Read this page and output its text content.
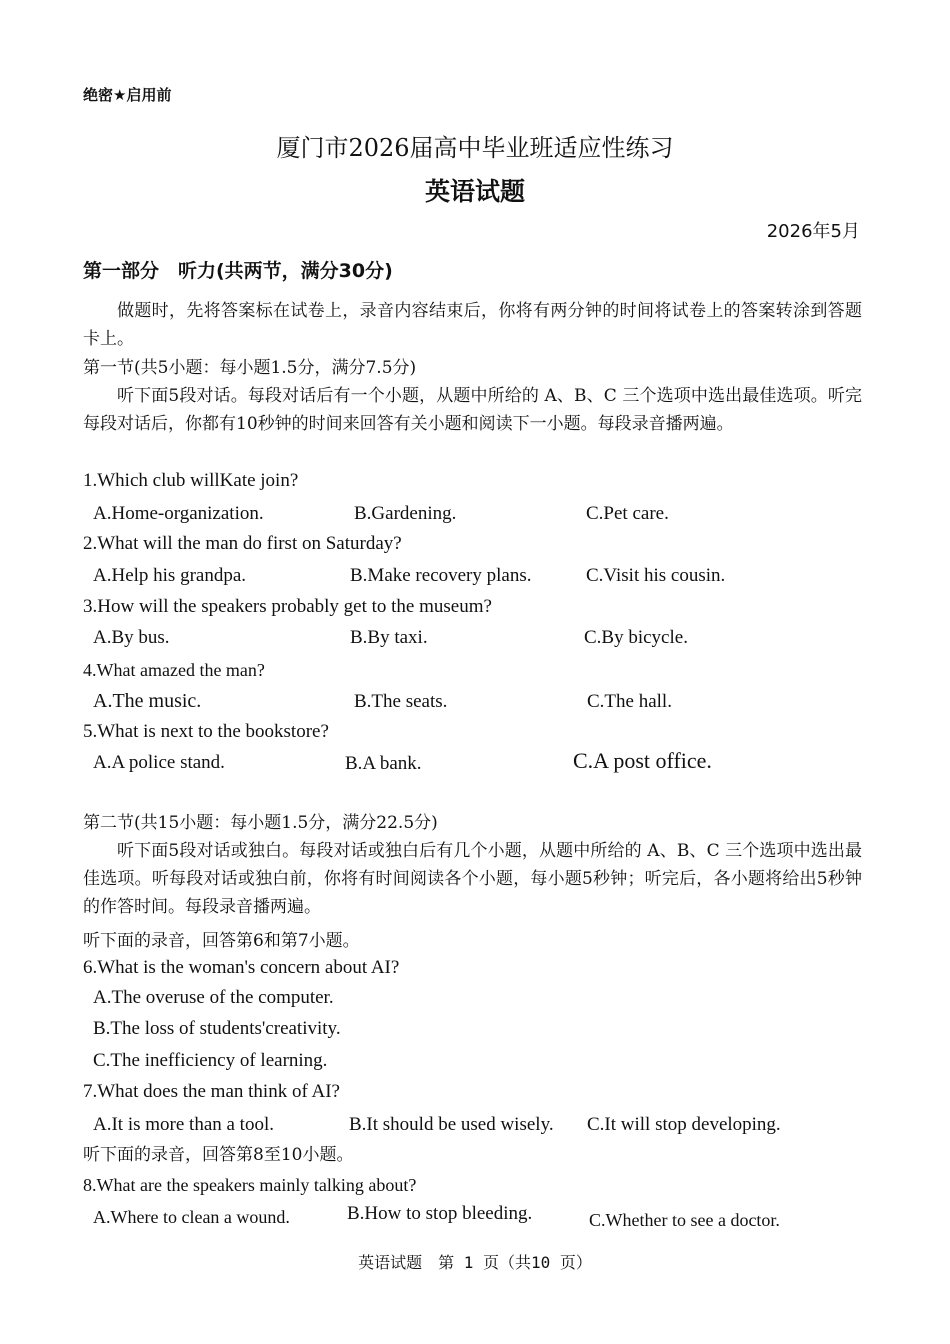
绝密★启用前
厦门市2026届高中毕业班适应性练习
英语试题
2026年5月
第一部分　听力(共两节，满分30分)
做题时，先将答案标在试卷上，录音内容结束后，你将有两分钟的时间将试卷上的答案转涂到答题卡上。
第一节(共5小题：每小题1.5分，满分7.5分)
听下面5段对话。每段对话后有一个小题，从题中所给的 A、B、C 三个选项中选出最佳选项。听完每段对话后，你都有10秒钟的时间来回答有关小题和阅读下一小题。每段录音播两遍。
1.Which club willKate join?
A.Home-organization.	B.Gardening.	C.Pet care.
2.What will the man do first on Saturday?
A.Help his grandpa.	B.Make recovery plans.	C.Visit his cousin.
3.How will the speakers probably get to the museum?
A.By bus.	B.By taxi.	C.By bicycle.
4.What amazed the man?
A.The music.	B.The seats.	C.The hall.
5.What is next to the bookstore?
A.A police stand.	B.A bank.	C.A post office.
第二节(共15小题：每小题1.5分，满分22.5分)
听下面5段对话或独白。每段对话或独白后有几个小题，从题中所给的 A、B、C 三个选项中选出最佳选项。听每段对话或独白前，你将有时间阅读各个小题，每小题5秒钟；听完后，各小题将给出5秒钟的作答时间。每段录音播两遍。
听下面的录音，回答第6和第7小题。
6.What is the woman's concern about AI?
A.The overuse of the computer.
B.The loss of students'creativity.
C.The inefficiency of learning.
7.What does the man think of AI?
A.It is more than a tool.	B.It should be used wisely. C.It will stop developing.
听下面的录音，回答第8至10小题。
8.What are the speakers mainly talking about?
A.Where to clean a wound.	B.How to stop bleeding.	C.Whether to see a doctor.
英语试题　第 1 页（共10 页）
